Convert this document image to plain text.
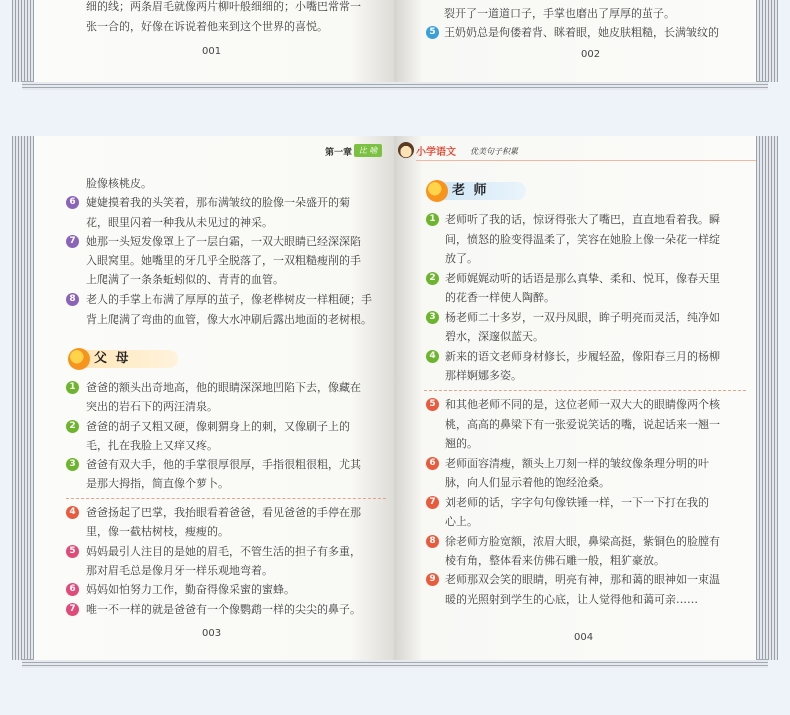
细的线；两条眉毛就像两片柳叶般细细的；小嘴巴常常一
张一合的，好像在诉说着他来到这个世界的喜悦。
001
裂开了一道道口子，手掌也磨出了厚厚的茧子。
5 王奶奶总是佝偻着背、眯着眼，她皮肤粗糙，长满皱纹的
002
第一章 比 喻
脸像核桃皮。
6 婕婕摸着我的头笑着，那布满皱纹的脸像一朵盛开的菊
花，眼里闪着一种我从未见过的神采。
7 她那一头短发像罩上了一层白霜，一双大眼睛已经深深陷
入眼窝里。她嘴里的牙几乎全脱落了，一双粗糙瘦削的手
上爬满了一条条蚯蚓似的、青青的血管。
8 老人的手掌上布满了厚厚的茧子，像老桦树皮一样粗硬；手
背上爬满了弯曲的血管，像大水冲刷后露出地面的老树根。
父 母
1 爸爸的额头出奇地高，他的眼睛深深地凹陷下去，像藏在
突出的岩石下的两汪清泉。
2 爸爸的胡子又粗又硬，像刺猬身上的刺，又像刷子上的
毛，扎在我脸上又痒又疼。
3 爸爸有双大手，他的手掌很厚很厚，手指很粗很粗，尤其
是那大拇指，简直像个萝卜。
4 爸爸扬起了巴掌，我抬眼看着爸爸，看见爸爸的手停在那
里，像一截枯树枝，瘦瘦的。
5 妈妈最引人注目的是她的眉毛，不管生活的担子有多重，
那对眉毛总是像月牙一样乐观地弯着。
6 妈妈如怕努力工作，勤奋得像采蜜的蜜蜂。
7 唯一不一样的就是爸爸有一个像鹦鹉一样的尖尖的鼻子。
003
小学语文 优美句子积累
老 师
1 老师听了我的话，惊讶得张大了嘴巴，直直地看着我。瞬
间，愤怒的脸变得温柔了，笑容在她脸上像一朵花一样绽
放了。
2 老师娓娓动听的话语是那么真挚、柔和、悦耳，像春天里
的花香一样使人陶醉。
3 杨老师二十多岁，一双丹凤眼，眸子明亮而灵活，纯净如
碧水，深邃似蓝天。
4 新来的语文老师身材修长，步履轻盈，像阳春三月的杨柳
那样婀娜多姿。
5 和其他老师不同的是，这位老师一双大大的眼睛像两个核
桃，高高的鼻梁下有一张爱说笑话的嘴，说起话来一翘一
翘的。
6 老师面容清瘦，额头上刀刻一样的皱纹像条理分明的叶
脉，向人们显示着他的饱经沧桑。
7 刘老师的话，字字句句像铁锤一样，一下一下打在我的
心上。
8 徐老师方脸宽额，浓眉大眼，鼻梁高挺，紫铜色的脸膛有
棱有角，整体看来仿佛石雕一般，粗犷豪放。
9 老师那双会笑的眼睛，明亮有神，那和蔼的眼神如一束温
暖的光照射到学生的心底，让人觉得他和蔼可亲……
004
